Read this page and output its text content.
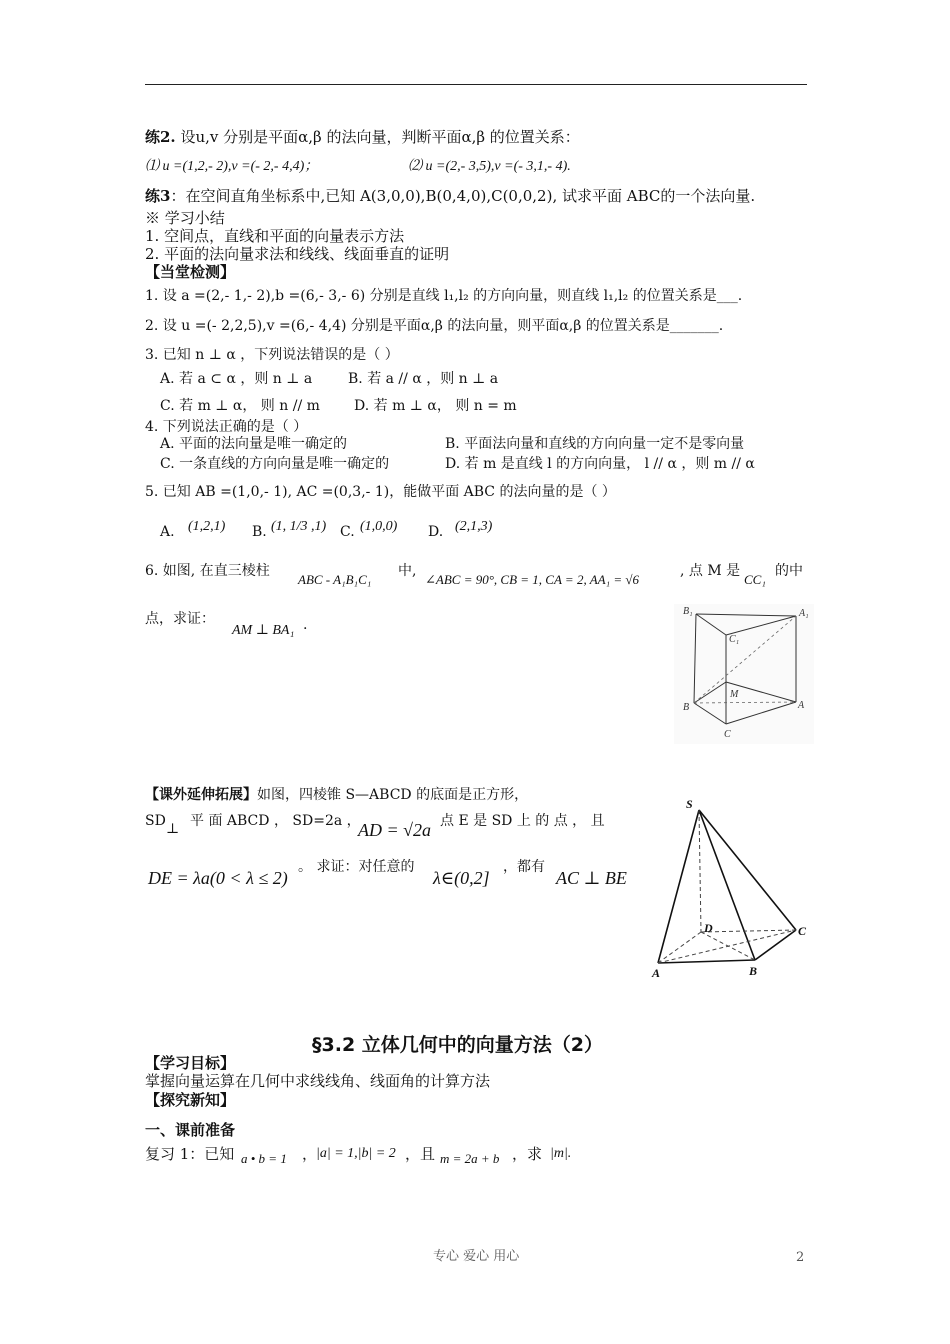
练2. 设u,v 分别是平面α,β 的法向量，判断平面α,β 的位置关系：
⑴ u =(1,2,- 2),v =(- 2,- 4,4)；	⑵ u =(2,- 3,5),v =(- 3,1,- 4).
练3：在空间直角坐标系中,已知 A(3,0,0),B(0,4,0),C(0,0,2), 试求平面 ABC的一个法向量.
※ 学习小结
1. 空间点，直线和平面的向量表示方法
2. 平面的法向量求法和线线、线面垂直的证明
【当堂检测】
1. 设 a =(2,- 1,- 2),b =(6,- 3,- 6) 分别是直线 l₁,l₂ 的方向向量，则直线 l₁,l₂ 的位置关系是___.
2. 设 u =(- 2,2,5),v =(6,- 4,4) 分别是平面α,β 的法向量，则平面α,β 的位置关系是_______.
3. 已知 n ⊥ α ，下列说法错误的是（ ）
A. 若 a ⊂ α ，则 n ⊥ a	B. 若 a // α ，则 n ⊥ a
C. 若 m ⊥ α， 则 n // m D. 若 m ⊥ α， 则 n = m
4. 下列说法正确的是（ ）
A. 平面的法向量是唯一确定的	B. 平面法向量和直线的方向向量一定不是零向量
C. 一条直线的方向向量是唯一确定的	D. 若 m 是直线 l 的方向向量， l // α ，则 m // α
5. 已知 AB =(1,0,- 1), AC =(0,3,- 1)，能做平面 ABC 的法向量的是（ ）
A. (1,2,1) B. (1, 1/3 ,1) C. (1,0,0) D. (2,1,3)
6. 如图, 在直三棱柱
ABC - A₁B₁C₁
中,
∠ABC = 90°, CB = 1, CA = 2, AA₁ = √6
, 点 M 是
CC₁
的中
点，求证：
AM ⊥ BA₁ .
B₁	A₁
C₁
M
B	A
C
【课外延伸拓展】如图，四棱锥 S—ABCD 的底面是正方形，
SD ⊥ 平 面 ABCD ， SD=2a ，
AD = √2a 点 E 是 SD 上 的 点 ， 且
DE = λa(0 < λ ≤ 2)
。 求证：对任意的
λ∈(0,2]
，都有
AC ⊥ BE
S
D	C
A	B
§3.2 立体几何中的向量方法（2）
【学习目标】
掌握向量运算在几何中求线线角、线面角的计算方法
【探究新知】
一、课前准备
复习 1：已知 a • b = 1 ，
|a| = 1,|b| = 2 ，且 m = 2a + b ，求 |m|.
专心 爱心 用心	2
